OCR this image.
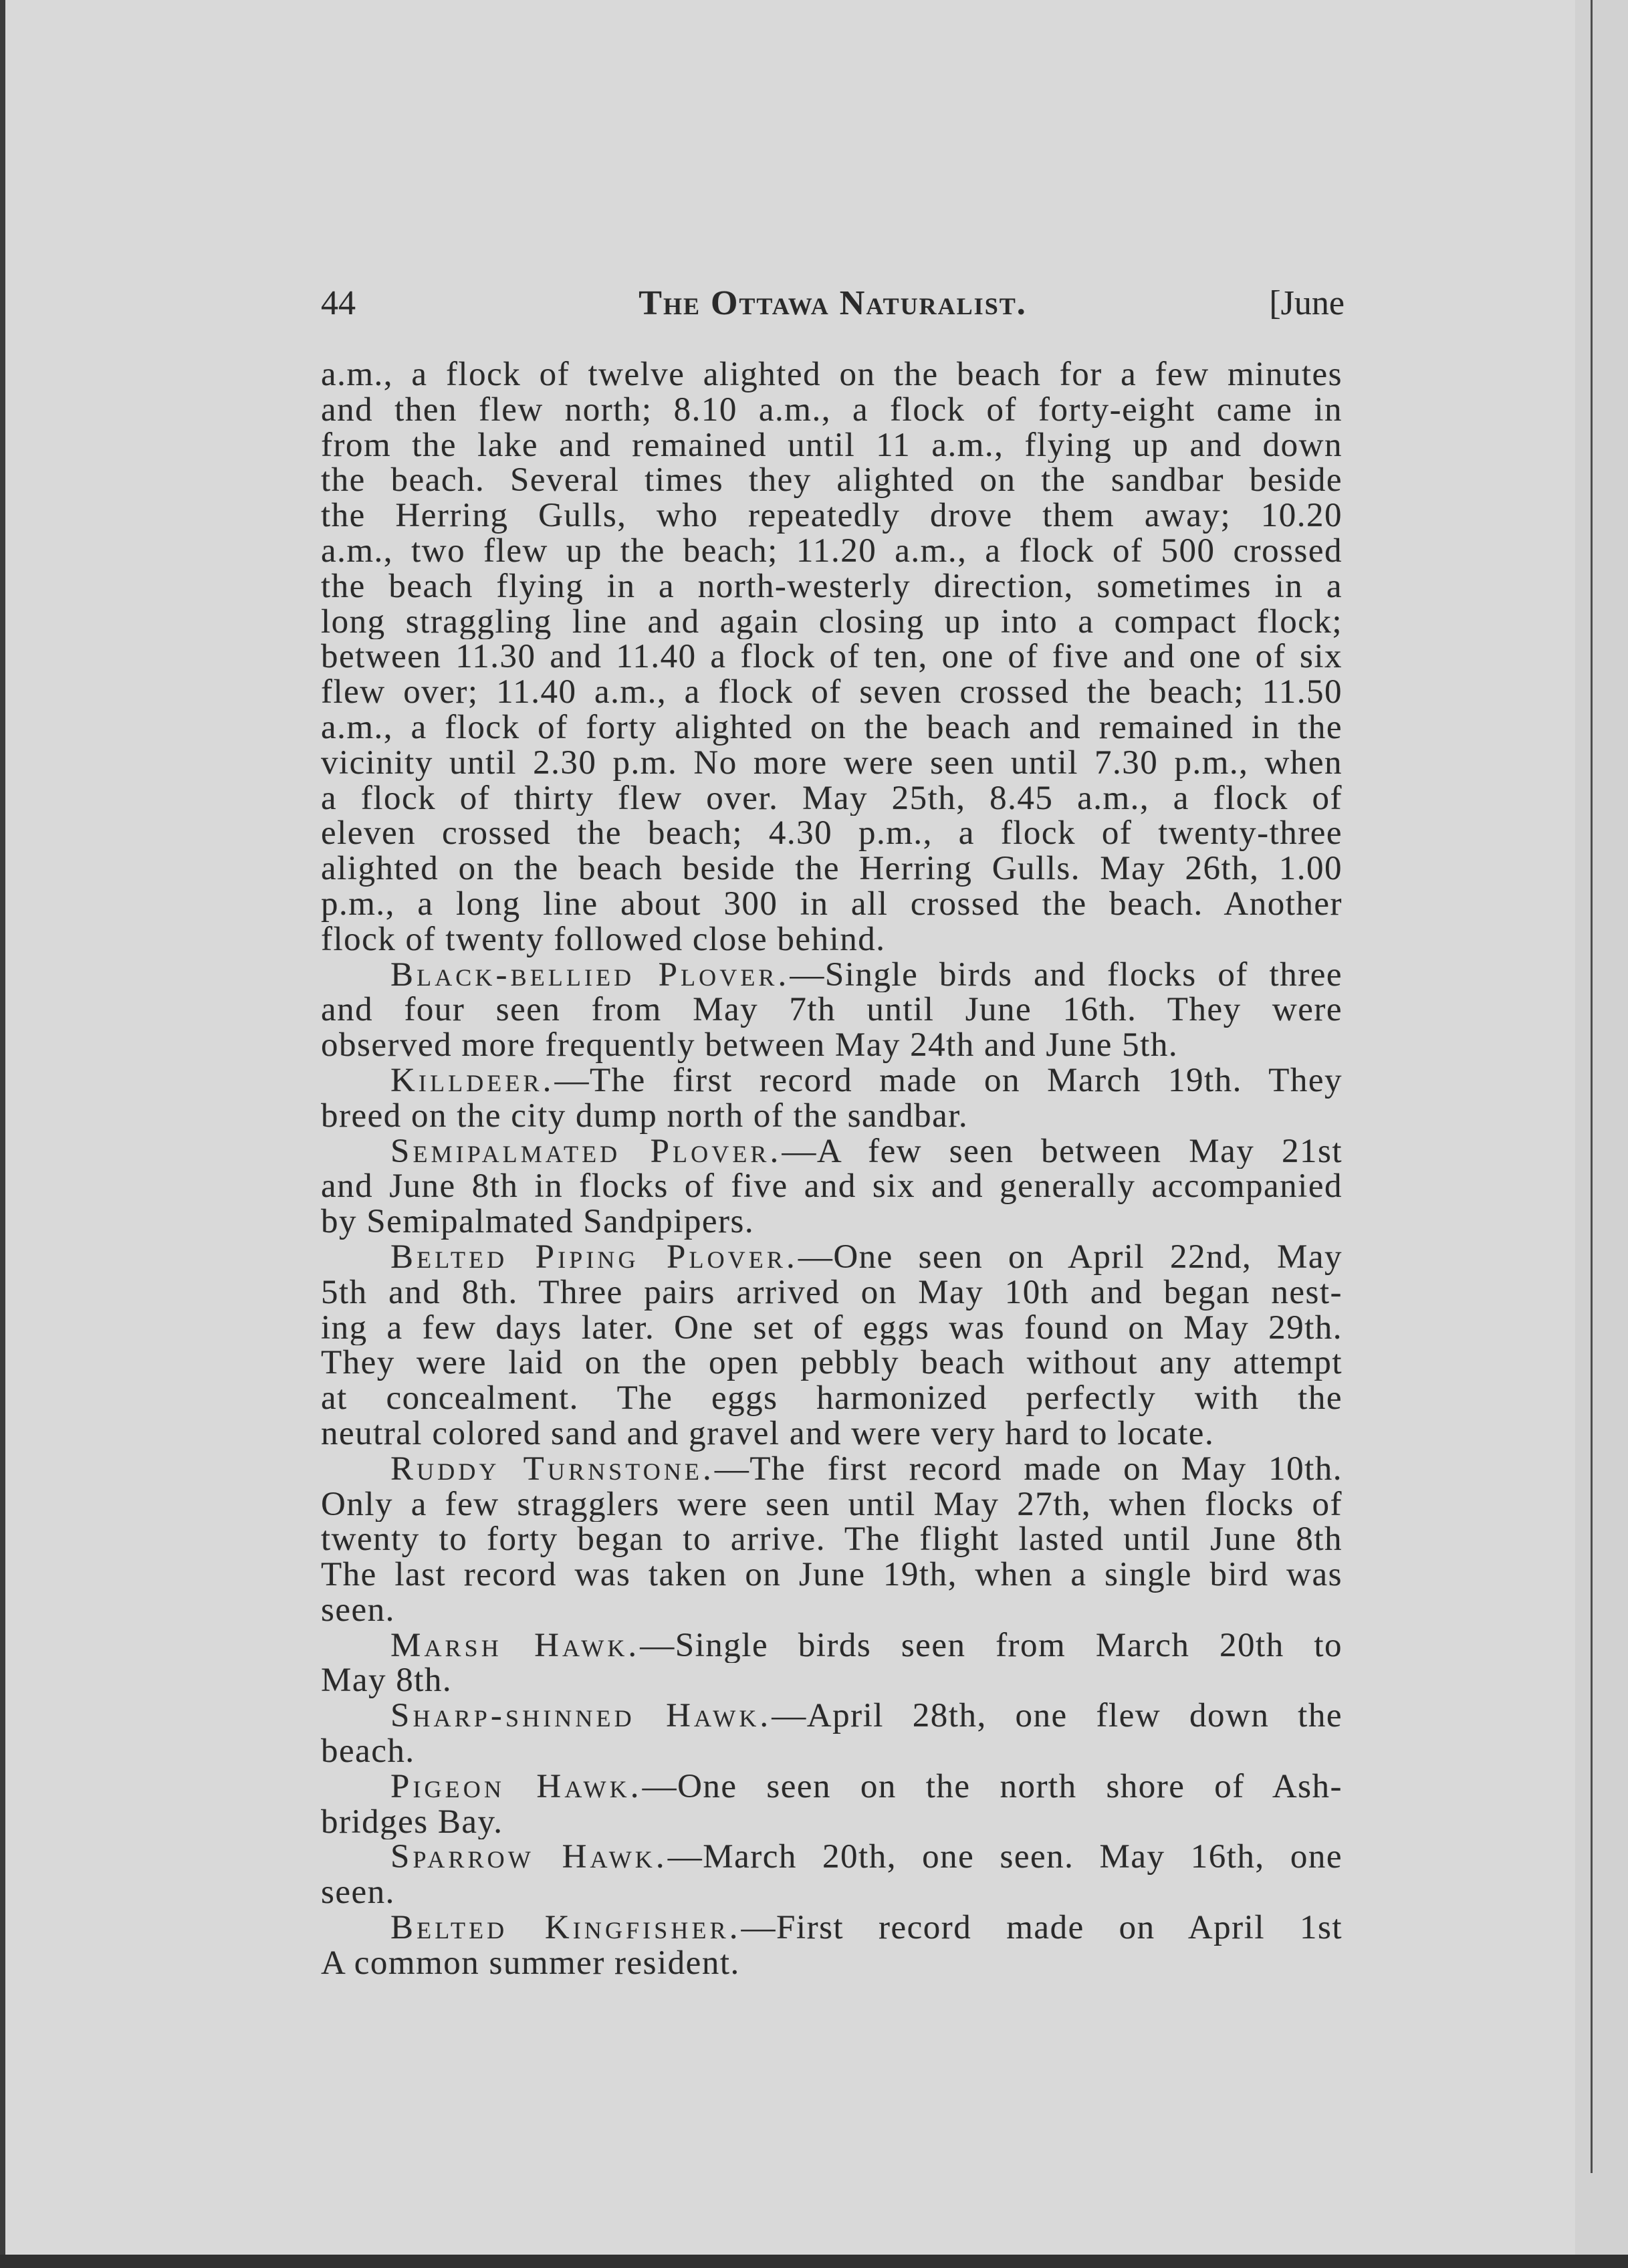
44	The Ottawa Naturalist.	[June
a.m., a flock of twelve alighted on the beach for a few minutes
and then flew north; 8.10 a.m., a flock of forty-eight came in
from the lake and remained until 11 a.m., flying up and down
the beach. Several times they alighted on the sandbar beside
the Herring Gulls, who repeatedly drove them away; 10.20
a.m., two flew up the beach; 11.20 a.m., a flock of 500 crossed
the beach flying in a north-westerly direction, sometimes in a
long straggling line and again closing up into a compact flock;
between 11.30 and 11.40 a flock of ten, one of five and one of six
flew over; 11.40 a.m., a flock of seven crossed the beach; 11.50
a.m., a flock of forty alighted on the beach and remained in the
vicinity until 2.30 p.m. No more were seen until 7.30 p.m., when
a flock of thirty flew over. May 25th, 8.45 a.m., a flock of
eleven crossed the beach; 4.30 p.m., a flock of twenty-three
alighted on the beach beside the Herring Gulls. May 26th, 1.00
p.m., a long line about 300 in all crossed the beach. Another
flock of twenty followed close behind.
Black-bellied Plover.—Single birds and flocks of three
and four seen from May 7th until June 16th. They were
observed more frequently between May 24th and June 5th.
Killdeer.—The first record made on March 19th. They
breed on the city dump north of the sandbar.
Semipalmated Plover.—A few seen between May 21st
and June 8th in flocks of five and six and generally accompanied
by Semipalmated Sandpipers.
Belted Piping Plover.—One seen on April 22nd, May
5th and 8th. Three pairs arrived on May 10th and began nest-
ing a few days later. One set of eggs was found on May 29th.
They were laid on the open pebbly beach without any attempt
at concealment. The eggs harmonized perfectly with the
neutral colored sand and gravel and were very hard to locate.
Ruddy Turnstone.—The first record made on May 10th.
Only a few stragglers were seen until May 27th, when flocks of
twenty to forty began to arrive. The flight lasted until June 8th
The last record was taken on June 19th, when a single bird was
seen.
Marsh Hawk.—Single birds seen from March 20th to
May 8th.
Sharp-shinned Hawk.—April 28th, one flew down the
beach.
Pigeon Hawk.—One seen on the north shore of Ash-
bridges Bay.
Sparrow Hawk.—March 20th, one seen. May 16th, one
seen.
Belted Kingfisher.—First record made on April 1st
A common summer resident.
